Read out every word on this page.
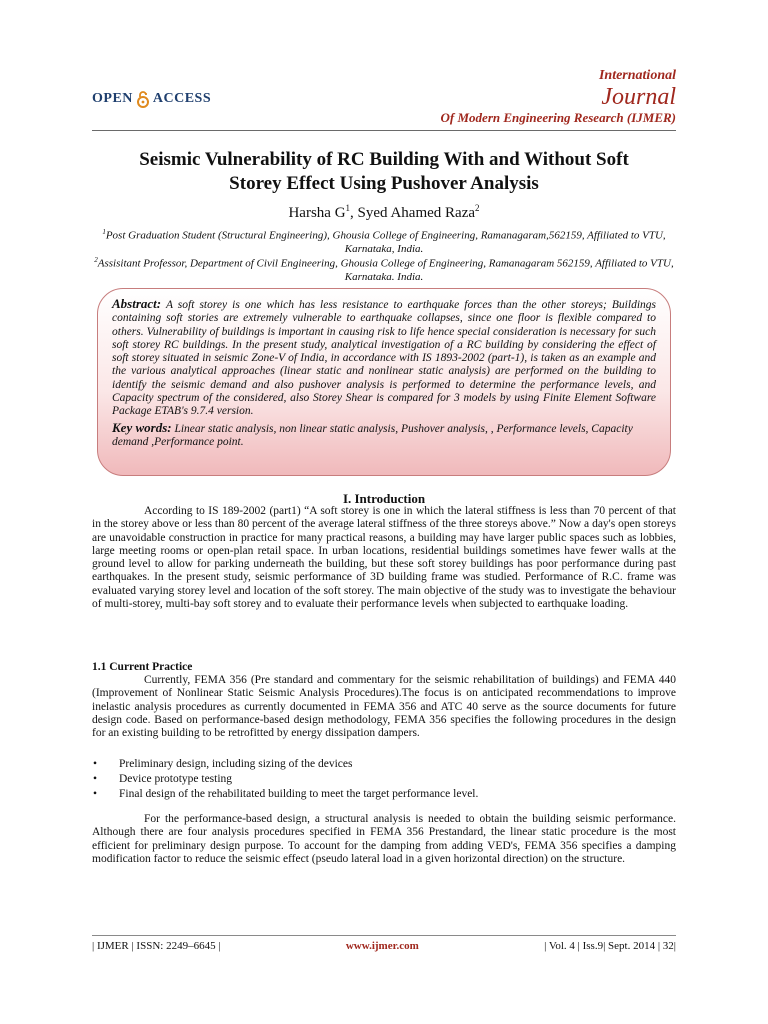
OPEN ACCESS
International
Journal
Of Modern Engineering Research (IJMER)
Seismic Vulnerability of RC Building With and Without Soft
Storey Effect Using Pushover Analysis
Harsha $G^1$, Syed Ahamed Raza$^2$
$^1$Post Graduation Student (Structural Engineering), Ghousia College of Engineering, Ramanagaram,562159, Affiliated to VTU, Karnataka, India.
$^2$Assisitant Professor, Department of Civil Engineering, Ghousia College of Engineering, Ramanagaram 562159, Affiliated to VTU, Karnataka. India.

Abstract: A soft storey is one which has less resistance to earthquake forces than the other storeys; Buildings containing soft stories are extremely vulnerable to earthquake collapses, since one floor is flexible compared to others. Vulnerability of buildings is important in causing risk to life hence special consideration is necessary for such soft storey RC buildings. In the present study, analytical investigation of a RC building by considering the effect of soft storey situated in seismic Zone-V of India, in accordance with IS 1893-2002 (part-1), is taken as an example and the various analytical approaches (linear static and nonlinear static analysis) are performed on the building to identify the seismic demand and also pushover analysis is performed to determine the performance levels, and Capacity spectrum of the considered, also Storey Shear is compared for 3 models by using Finite Element Software Package ETAB's 9.7.4 version.

Key words: Linear static analysis, non linear static analysis, Pushover analysis, , Performance levels, Capacity demand ,Performance point.

I. Introduction

According to IS 189-2002 (part1) “A soft storey is one in which the lateral stiffness is less than 70 percent of that in the storey above or less than 80 percent of the average lateral stiffness of the three storeys above.” Now a day's open storeys are unavoidable construction in practice for many practical reasons, a building may have larger public spaces such as lobbies, large meeting rooms or open-plan retail space. In urban locations, residential buildings sometimes have fewer walls at the ground level to allow for parking underneath the building, but these soft storey buildings has poor performance during past earthquakes. In the present study, seismic performance of 3D building frame was studied. Performance of R.C. frame was evaluated varying storey level and location of the soft storey. The main objective of the study was to investigate the behaviour of multi-storey, multi-bay soft storey and to evaluate their performance levels when subjected to earthquake loading.

1.1 Current Practice

Currently, FEMA 356 (Pre standard and commentary for the seismic rehabilitation of buildings) and FEMA 440 (Improvement of Nonlinear Static Seismic Analysis Procedures).The focus is on anticipated recommendations to improve inelastic analysis procedures as currently documented in FEMA 356 and ATC 40 serve as the source documents for future design code. Based on performance-based design methodology, FEMA 356 specifies the following procedures in the design for an existing building to be retrofitted by energy dissipation dampers.

• Preliminary design, including sizing of the devices
• Device prototype testing
• Final design of the rehabilitated building to meet the target performance level.

For the performance-based design, a structural analysis is needed to obtain the building seismic performance. Although there are four analysis procedures specified in FEMA 356 Prestandard, the linear static procedure is the most efficient for preliminary design purpose. To account for the damping from adding VED's, FEMA 356 specifies a damping modification factor to reduce the seismic effect (pseudo lateral load in a given horizontal direction) on the structure.

| IJMER | ISSN: 2249–6645 |	www.ijmer.com	| Vol. 4 | Iss.9| Sept. 2014 | 32|
